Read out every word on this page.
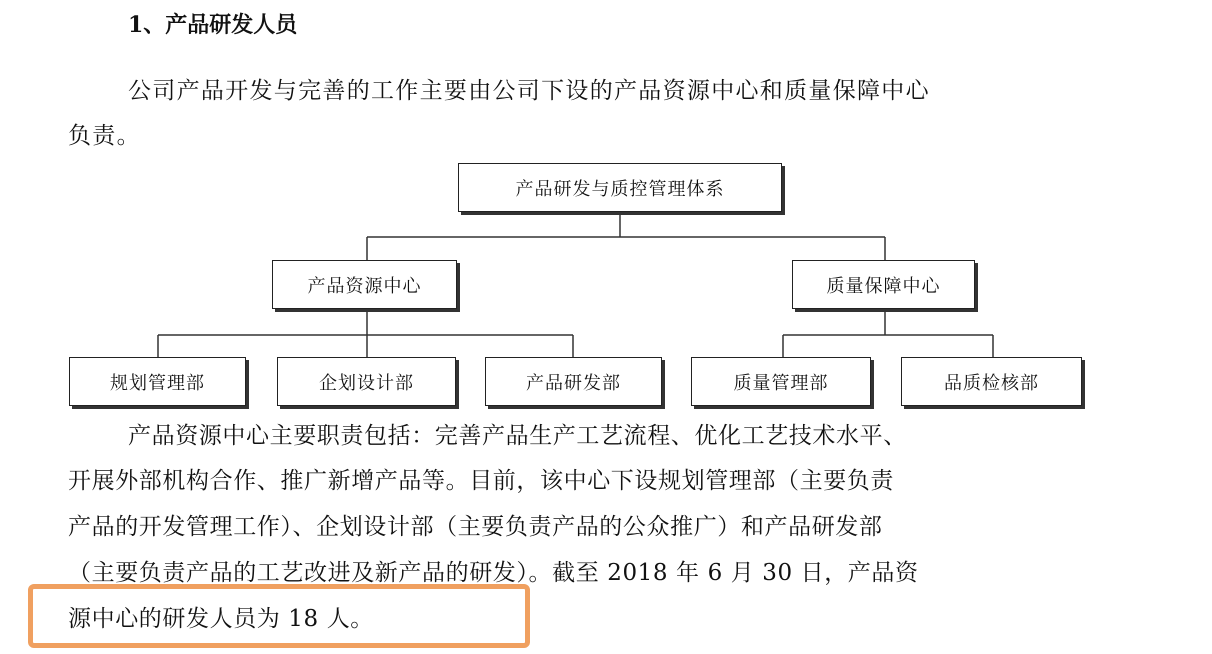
1、产品研发人员
公司产品开发与完善的工作主要由公司下设的产品资源中心和质量保障中心
负责。
产品研发与质控管理体系
产品资源中心	质量保障中心
规划管理部	企划设计部	产品研发部	质量管理部	品质检核部
产品资源中心主要职责包括：完善产品生产工艺流程、优化工艺技术水平、
开展外部机构合作、推广新增产品等。目前，该中心下设规划管理部（主要负责
产品的开发管理工作）、企划设计部（主要负责产品的公众推广）和产品研发部
（主要负责产品的工艺改进及新产品的研发）。截至 2018 年 6 月 30 日，产品资
源中心的研发人员为 18 人。
